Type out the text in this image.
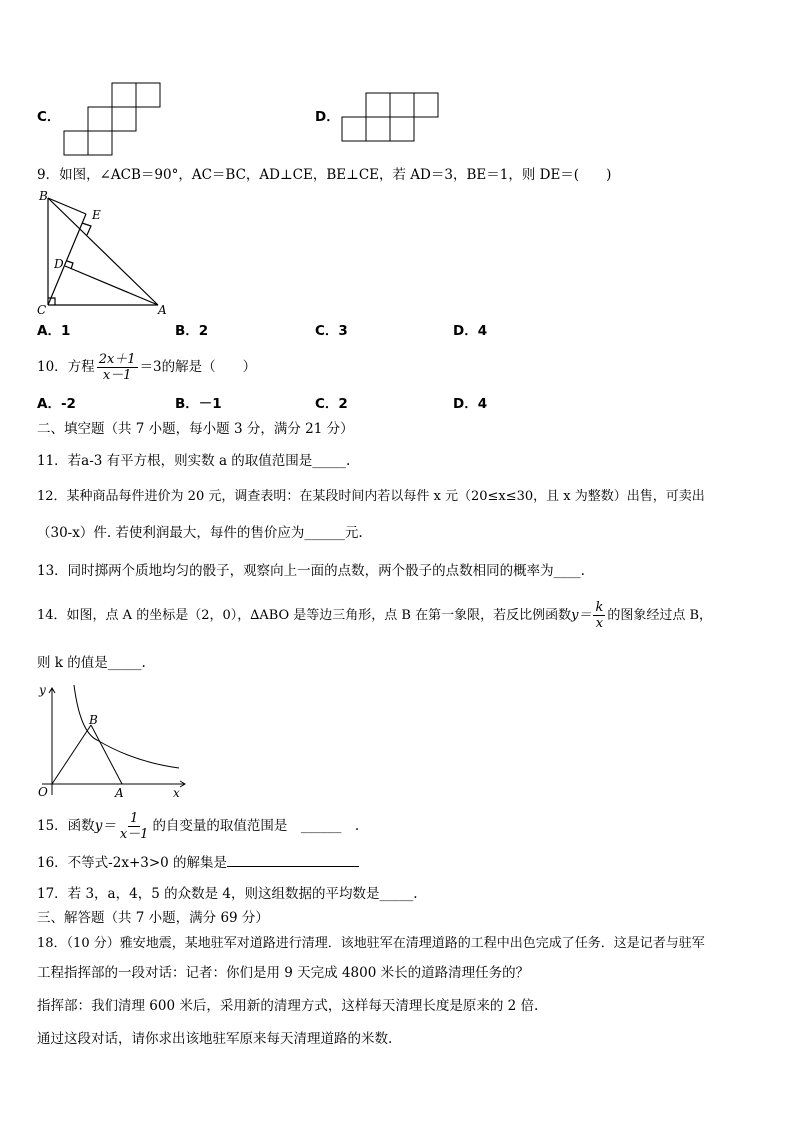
C．	D．
9．如图，∠ACB＝90°，AC＝BC，AD⊥CE，BE⊥CE，若 AD＝3，BE＝1，则 DE＝(　　)
B
E
D
C	A
A．1	B．2	C．3	D．4
10．方程 $\frac{2x+1}{x-1} =3$的解是（　　）
A．-2	B．－1	C．2	D．4
二、填空题（共 7 小题，每小题 3 分，满分 21 分）
11．若a-3 有平方根，则实数 a 的取值范围是_____.
12．某种商品每件进价为 20 元，调查表明：在某段时间内若以每件 x 元（20≤x≤30，且 x 为整数）出售，可卖出
（30-x）件. 若使利润最大，每件的售价应为______元.
13．同时掷两个质地均匀的骰子，观察向上一面的点数，两个骰子的点数相同的概率为____.
14．如图，点 A 的坐标是（2，0），∆ABO 是等边三角形，点 B 在第一象限，若反比例函数$y= \frac{k}{x}$ 的图象经过点 B，
则 k 的值是_____.
y
B
O	A	x
15．函数$y= \frac{1}{x-1}$ 的自变量的取值范围是　______　.
16．不等式-2x+3>0 的解集是
17．若 3，a，4，5 的众数是 4，则这组数据的平均数是_____.
三、解答题（共 7 小题，满分 69 分）
18．（10 分）雅安地震，某地驻军对道路进行清理．该地驻军在清理道路的工程中出色完成了任务．这是记者与驻军
工程指挥部的一段对话：记者：你们是用 9 天完成 4800 米长的道路清理任务的？
指挥部：我们清理 600 米后，采用新的清理方式，这样每天清理长度是原来的 2 倍.
通过这段对话，请你求出该地驻军原来每天清理道路的米数.
